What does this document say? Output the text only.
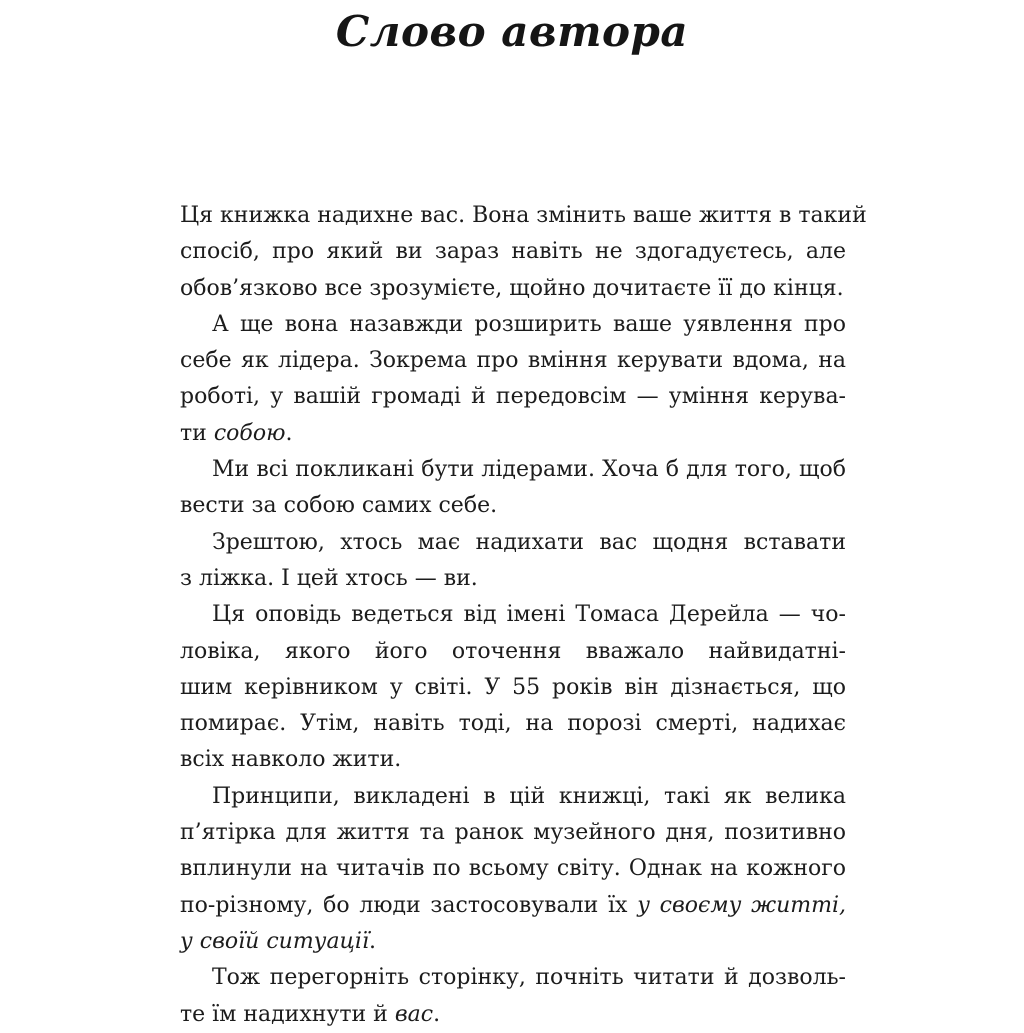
Слово автора

Ця книжка надихне вас. Вона змінить ваше життя в такий
спосіб, про який ви зараз навіть не здогадуєтесь, але
обов’язково все зрозумієте, щойно дочитаєте її до кінця.

А ще вона назавжди розширить ваше уявлення про
себе як лідера. Зокрема про вміння керувати вдома, на
роботі, у вашій громаді й передовсім — уміння керува-
ти собою.

Ми всі покликані бути лідерами. Хоча б для того, щоб
вести за собою самих себе.

Зрештою, хтось має надихати вас щодня вставати
з ліжка. І цей хтось — ви.

Ця оповідь ведеться від імені Томаса Дерейла — чо-
ловіка, якого його оточення вважало найвидатні-
шим керівником у світі. У 55 років він дізнається, що
помирає. Утім, навіть тоді, на порозі смерті, надихає
всіх навколо жити.

Принципи, викладені в цій книжці, такі як велика
п’ятірка для життя та ранок музейного дня, позитивно
вплинули на читачів по всьому світу. Однак на кожного
по-різному, бо люди застосовували їх у своєму житті,
у своїй ситуації.

Тож перегорніть сторінку, почніть читати й дозволь-
те їм надихнути й вас.
